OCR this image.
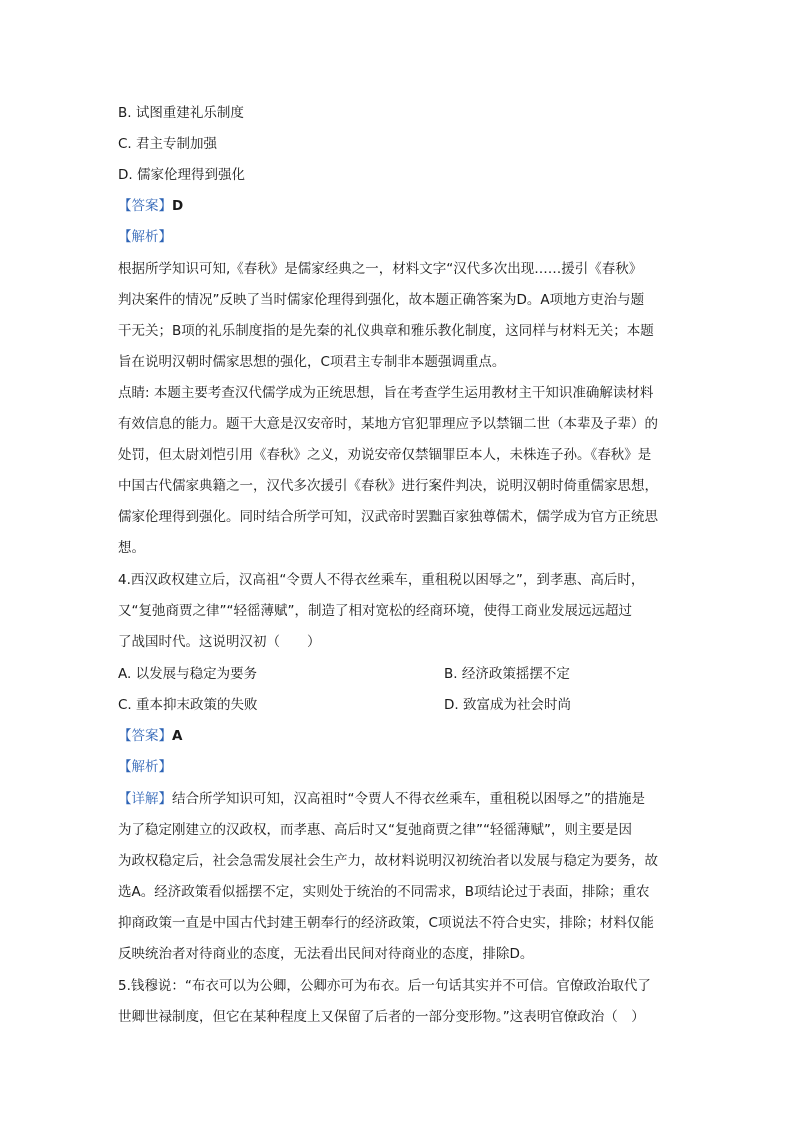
B. 试图重建礼乐制度
C. 君主专制加强
D. 儒家伦理得到强化
【答案】D
【解析】
根据所学知识可知,《春秋》是儒家经典之一，材料文字“汉代多次出现……援引《春秋》
判决案件的情况”反映了当时儒家伦理得到强化，故本题正确答案为D。A项地方吏治与题
干无关；B项的礼乐制度指的是先秦的礼仪典章和雅乐教化制度，这同样与材料无关；本题
旨在说明汉朝时儒家思想的强化，C项君主专制非本题强调重点。
点睛: 本题主要考查汉代儒学成为正统思想，旨在考查学生运用教材主干知识准确解读材料
有效信息的能力。题干大意是汉安帝时，某地方官犯罪理应予以禁锢二世（本辈及子辈）的
处罚，但太尉刘恺引用《春秋》之义，劝说安帝仅禁锢罪臣本人，未株连子孙。《春秋》是
中国古代儒家典籍之一，汉代多次援引《春秋》进行案件判决，说明汉朝时倚重儒家思想，
儒家伦理得到强化。同时结合所学可知，汉武帝时罢黜百家独尊儒术，儒学成为官方正统思
想。
4.西汉政权建立后，汉高祖“令贾人不得衣丝乘车，重租税以困辱之”，到孝惠、高后时，
又“复弛商贾之律”“轻徭薄赋”，制造了相对宽松的经商环境，使得工商业发展远远超过
了战国时代。这说明汉初（　　）
A. 以发展与稳定为要务	B. 经济政策摇摆不定
C. 重本抑末政策的失败	D. 致富成为社会时尚
【答案】A
【解析】
【详解】结合所学知识可知，汉高祖时“令贾人不得衣丝乘车，重租税以困辱之”的措施是
为了稳定刚建立的汉政权，而孝惠、高后时又“复弛商贾之律”“轻徭薄赋”，则主要是因
为政权稳定后，社会急需发展社会生产力，故材料说明汉初统治者以发展与稳定为要务，故
选A。经济政策看似摇摆不定，实则处于统治的不同需求，B项结论过于表面，排除；重农
抑商政策一直是中国古代封建王朝奉行的经济政策，C项说法不符合史实，排除；材料仅能
反映统治者对待商业的态度，无法看出民间对待商业的态度，排除D。
5.钱穆说：“布衣可以为公卿，公卿亦可为布衣。后一句话其实并不可信。官僚政治取代了
世卿世禄制度，但它在某种程度上又保留了后者的一部分变形物。”这表明官僚政治（　）
